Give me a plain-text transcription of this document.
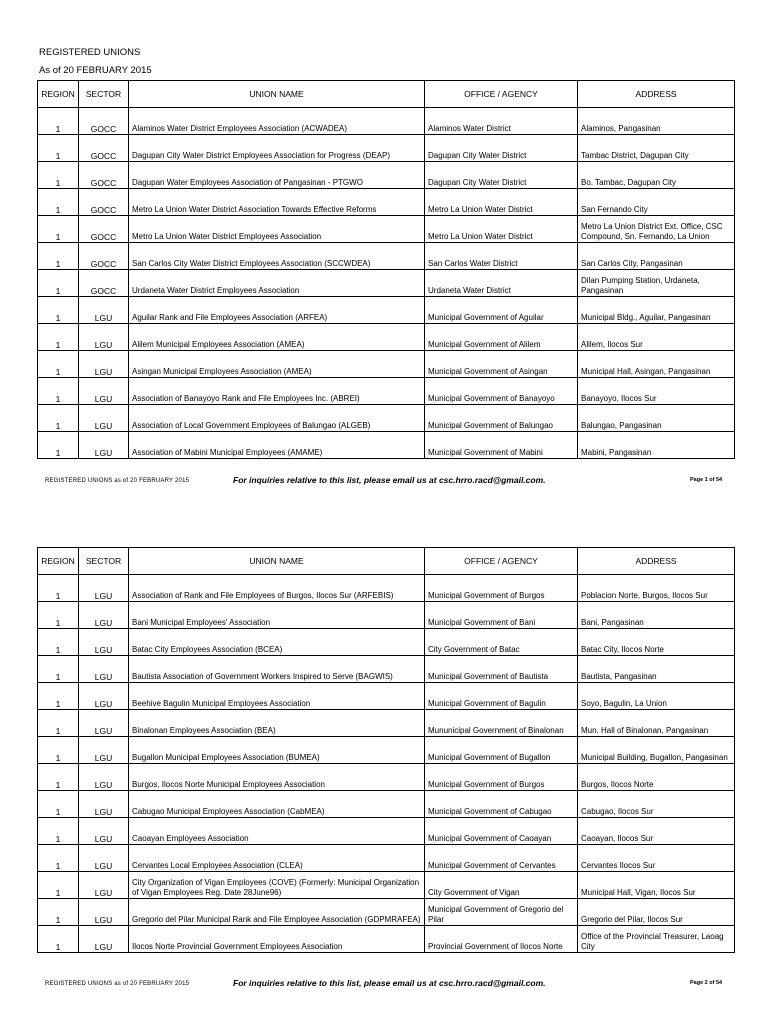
REGISTERED UNIONS
As of 20 FEBRUARY 2015
REGION	SECTOR	UNION NAME	OFFICE / AGENCY	ADDRESS
1	GOCC	Alaminos Water District Employees Association (ACWADEA)	Alaminos Water District	Alaminos, Pangasinan
1	GOCC	Dagupan City Water District Employees Association for Progress (DEAP)	Dagupan City Water District	Tambac District, Dagupan City
1	GOCC	Dagupan Water Employees Association of Pangasinan - PTGWO	Dagupan City Water District	Bo. Tambac, Dagupan City
1	GOCC	Metro La Union Water District Association Towards Effective Reforms	Metro La Union Water District	San Fernando City
1	GOCC	Metro La Union Water District Employees Association	Metro La Union Water District	Metro La Union District Ext. Office, CSC Compound, Sn. Fernando, La Union
1	GOCC	San Carlos City Water District Employees Association (SCCWDEA)	San Carlos Water District	San Carlos City, Pangasinan
1	GOCC	Urdaneta Water District Employees Association	Urdaneta Water District	Dilan Pumping Station, Urdaneta, Pangasinan
1	LGU	Aguilar Rank and File Employees Association (ARFEA)	Municipal Government of Aguilar	Municipal Bldg., Aguilar, Pangasinan
1	LGU	Alilem Municipal Employees Association (AMEA)	Municipal Government of Alilem	Alilem, Ilocos Sur
1	LGU	Asingan Municipal Employees Association (AMEA)	Municipal Government of Asingan	Municipal Hall, Asingan, Pangasinan
1	LGU	Association of Banayoyo Rank and File Employees Inc. (ABREI)	Municipal Government of Banayoyo	Banayoyo, Ilocos Sur
1	LGU	Association of Local Government Employees of Balungao (ALGEB)	Municipal Government of Balungao	Balungao, Pangasinan
1	LGU	Association of Mabini Municipal Employees (AMAME)	Municipal Government of Mabini	Mabini, Pangasinan
REGISTERED UNIONS as of 20 FEBRUARY 2015	For inquiries relative to this list, please email us at csc.hrro.racd@gmail.com.	Page 1 of 54
REGION	SECTOR	UNION NAME	OFFICE / AGENCY	ADDRESS
1	LGU	Association of Rank and File Employees of Burgos, Ilocos Sur (ARFEBIS)	Municipal Government of Burgos	Poblacion Norte, Burgos, Ilocos Sur
1	LGU	Bani Municipal Employees' Association	Municipal Government of Bani	Bani, Pangasinan
1	LGU	Batac City Employees Association (BCEA)	City Government of Batac	Batac City, Ilocos Norte
1	LGU	Bautista Association of Government Workers Inspired to Serve (BAGWIS)	Municipal Government of Bautista	Bautista, Pangasinan
1	LGU	Beehive Bagulin Municipal Employees Association	Municipal Government of Bagulin	Soyo, Bagulin, La Union
1	LGU	Binalonan Employees Association (BEA)	Mununicipal Government of Binalonan	Mun. Hall of Binalonan, Pangasinan
1	LGU	Bugallon Municipal Employees Association (BUMEA)	Municipal Government of Bugallon	Municipal Building, Bugallon, Pangasinan
1	LGU	Burgos, Ilocos Norte Municipal Employees Association	Municipal Government of Burgos	Burgos, Ilocos Norte
1	LGU	Cabugao Municipal Employees Association (CabMEA)	Municipal Government of Cabugao	Cabugao, Ilocos Sur
1	LGU	Caoayan Employees Association	Municipal Government of Caoayan	Caoayan, Ilocos Sur
1	LGU	Cervantes Local Employees Association (CLEA)	Municipal Government of Cervantes	Cervantes Ilocos Sur
1	LGU	City Organization of Vigan Employees (COVE) (Formerly: Municipal Organization of Vigan Employees Reg. Date 28June96)	City Government of Vigan	Municipal Hall, Vigan, Ilocos Sur
1	LGU	Gregorio del Pilar Municipal Rank and File Employee Association (GDPMRAFEA)	Municipal Government of Gregorio del Pilar	Gregorio del Pilar, Ilocos Sur
1	LGU	Ilocos Norte Provincial Government Employees Association	Provincial Government of Ilocos Norte	Office of the Provincial Treasurer, Laoag City
REGISTERED UNIONS as of 20 FEBRUARY 2015	For inquiries relative to this list, please email us at csc.hrro.racd@gmail.com.	Page 2 of 54
